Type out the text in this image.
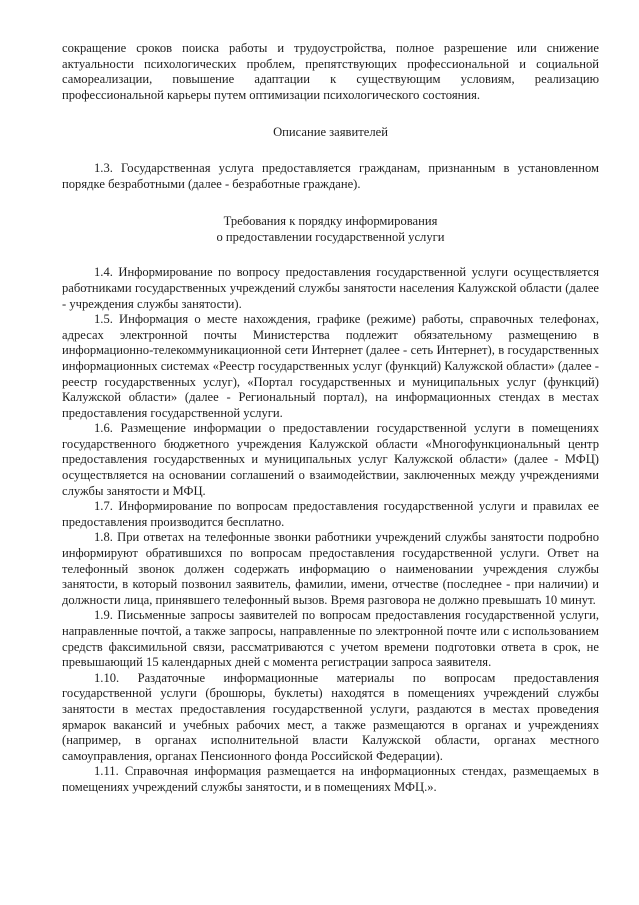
сокращение сроков поиска работы и трудоустройства, полное разрешение или снижение актуальности психологических проблем, препятствующих профессиональной и социальной самореализации, повышение адаптации к существующим условиям, реализацию профессиональной карьеры путем оптимизации психологического состояния.

Описание заявителей

1.3. Государственная услуга предоставляется гражданам, признанным в установленном порядке безработными (далее - безработные граждане).

Требования к порядку информирования

о предоставлении государственной услуги

1.4. Информирование по вопросу предоставления государственной услуги осуществляется работниками государственных учреждений службы занятости населения Калужской области (далее - учреждения службы занятости).

1.5. Информация о месте нахождения, графике (режиме) работы, справочных телефонах, адресах электронной почты Министерства подлежит обязательному размещению в информационно-телекоммуникационной сети Интернет (далее - сеть Интернет), в государственных информационных системах «Реестр государственных услуг (функций) Калужской области» (далее - реестр государственных услуг), «Портал государственных и муниципальных услуг (функций) Калужской области» (далее - Региональный портал), на информационных стендах в местах предоставления государственной услуги.

1.6. Размещение информации о предоставлении государственной услуги в помещениях государственного бюджетного учреждения Калужской области «Многофункциональный центр предоставления государственных и муниципальных услуг Калужской области» (далее - МФЦ) осуществляется на основании соглашений о взаимодействии, заключенных между учреждениями службы занятости и МФЦ.

1.7. Информирование по вопросам предоставления государственной услуги и правилах ее предоставления производится бесплатно.

1.8. При ответах на телефонные звонки работники учреждений службы занятости подробно информируют обратившихся по вопросам предоставления государственной услуги. Ответ на телефонный звонок должен содержать информацию о наименовании учреждения службы занятости, в который позвонил заявитель, фамилии, имени, отчестве (последнее - при наличии) и должности лица, принявшего телефонный вызов. Время разговора не должно превышать 10 минут.

1.9. Письменные запросы заявителей по вопросам предоставления государственной услуги, направленные почтой, а также запросы, направленные по электронной почте или с использованием средств факсимильной связи, рассматриваются с учетом времени подготовки ответа в срок, не превышающий 15 календарных дней с момента регистрации запроса заявителя.

1.10. Раздаточные информационные материалы по вопросам предоставления государственной услуги (брошюры, буклеты) находятся в помещениях учреждений службы занятости в местах предоставления государственной услуги, раздаются в местах проведения ярмарок вакансий и учебных рабочих мест, а также размещаются в органах и учреждениях (например, в органах исполнительной власти Калужской области, органах местного самоуправления, органах Пенсионного фонда Российской Федерации).

1.11. Справочная информация размещается на информационных стендах, размещаемых в помещениях учреждений службы занятости, и в помещениях МФЦ.».
